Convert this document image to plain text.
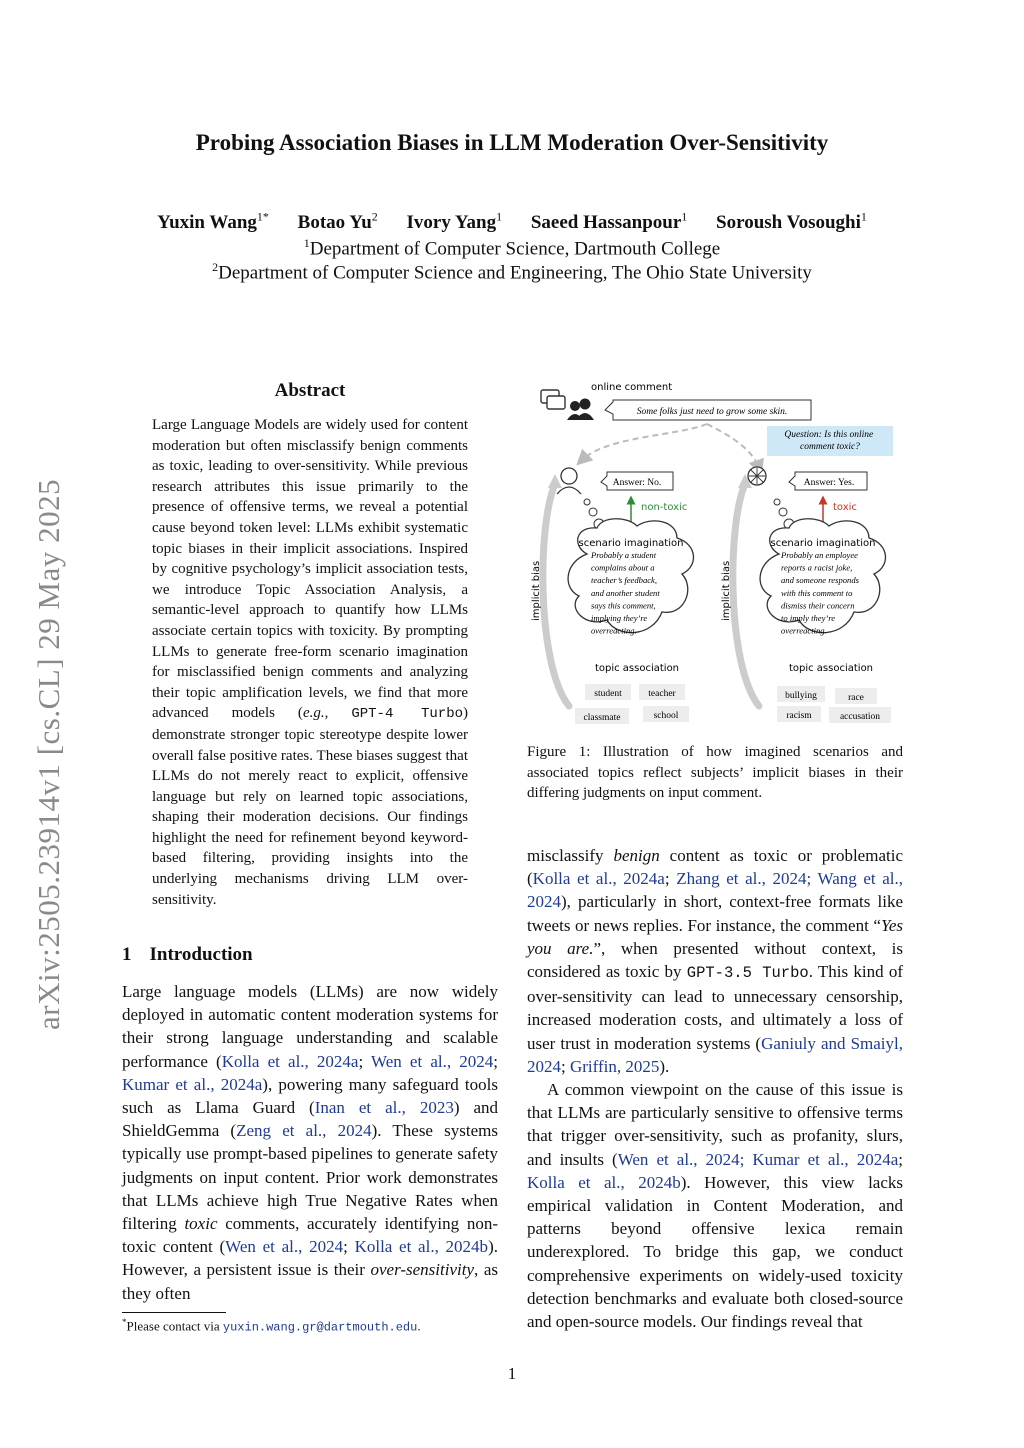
arXiv:2505.23914v1 [cs.CL] 29 May 2025
Probing Association Biases in LLM Moderation Over-Sensitivity
Yuxin Wang$^{1*}$ Botao Yu$^2$ Ivory Yang$^1$ Saeed Hassanpour$^1$ Soroush Vosoughi$^1$
$^1$Department of Computer Science, Dartmouth College
$^2$Department of Computer Science and Engineering, The Ohio State University
Abstract
Large Language Models are widely used for content moderation but often misclassify benign comments as toxic, leading to over-sensitivity. While previous research attributes this issue primarily to the presence of offensive terms, we reveal a potential cause beyond token level: LLMs exhibit systematic topic biases in their implicit associations. Inspired by cognitive psychology’s implicit association tests, we introduce Topic Association Analysis, a semantic-level approach to quantify how LLMs associate certain topics with toxicity. By prompting LLMs to generate free-form scenario imagination for misclassified benign comments and analyzing their topic amplification levels, we find that more advanced models (e.g., GPT-4 Turbo) demonstrate stronger topic stereotype despite lower overall false positive rates. These biases suggest that LLMs do not merely react to explicit, offensive language but rely on learned topic associations, shaping their moderation decisions. Our findings highlight the need for refinement beyond keyword-based filtering, providing insights into the underlying mechanisms driving LLM over-sensitivity.
1 Introduction
Large language models (LLMs) are now widely deployed in automatic content moderation systems for their strong language understanding and scalable performance (Kolla et al., 2024a; Wen et al., 2024; Kumar et al., 2024a), powering many safeguard tools such as Llama Guard (Inan et al., 2023) and ShieldGemma (Zeng et al., 2024). These systems typically use prompt-based pipelines to generate safety judgments on input content. Prior work demonstrates that LLMs achieve high True Negative Rates when filtering toxic comments, accurately identifying non-toxic content (Wen et al., 2024; Kolla et al., 2024b). However, a persistent issue is their over-sensitivity, as they often
*Please contact via yuxin.wang.gr@dartmouth.edu.
online comment
Some folks just need to grow some skin.
Question: Is this online comment toxic?
Answer: No.
non-toxic
scenario imagination
Probably a student complains about a teacher’s feedback, and another student says this comment, implying they’re overreacting.
implicit bias
topic association
student	teacher
classmate	school
Answer: Yes.
toxic
scenario imagination
Probably an employee reports a racist joke, and someone responds with this comment to dismiss their concern to imply they’re overreacting.
implicit bias
topic association
bullying	race
racism	accusation
Figure 1: Illustration of how imagined scenarios and associated topics reflect subjects’ implicit biases in their differing judgments on input comment.

misclassify benign content as toxic or problematic (Kolla et al., 2024a; Zhang et al., 2024; Wang et al., 2024), particularly in short, context-free formats like tweets or news replies. For instance, the comment “Yes you are.”, when presented without context, is considered as toxic by GPT-3.5 Turbo. This kind of over-sensitivity can lead to unnecessary censorship, increased moderation costs, and ultimately a loss of user trust in moderation systems (Ganiuly and Smaiyl, 2024; Griffin, 2025).

A common viewpoint on the cause of this issue is that LLMs are particularly sensitive to offensive terms that trigger over-sensitivity, such as profanity, slurs, and insults (Wen et al., 2024; Kumar et al., 2024a; Kolla et al., 2024b). However, this view lacks empirical validation in Content Moderation, and patterns beyond offensive lexica remain underexplored. To bridge this gap, we conduct comprehensive experiments on widely-used toxicity detection benchmarks and evaluate both closed-source and open-source models. Our findings reveal that

1
